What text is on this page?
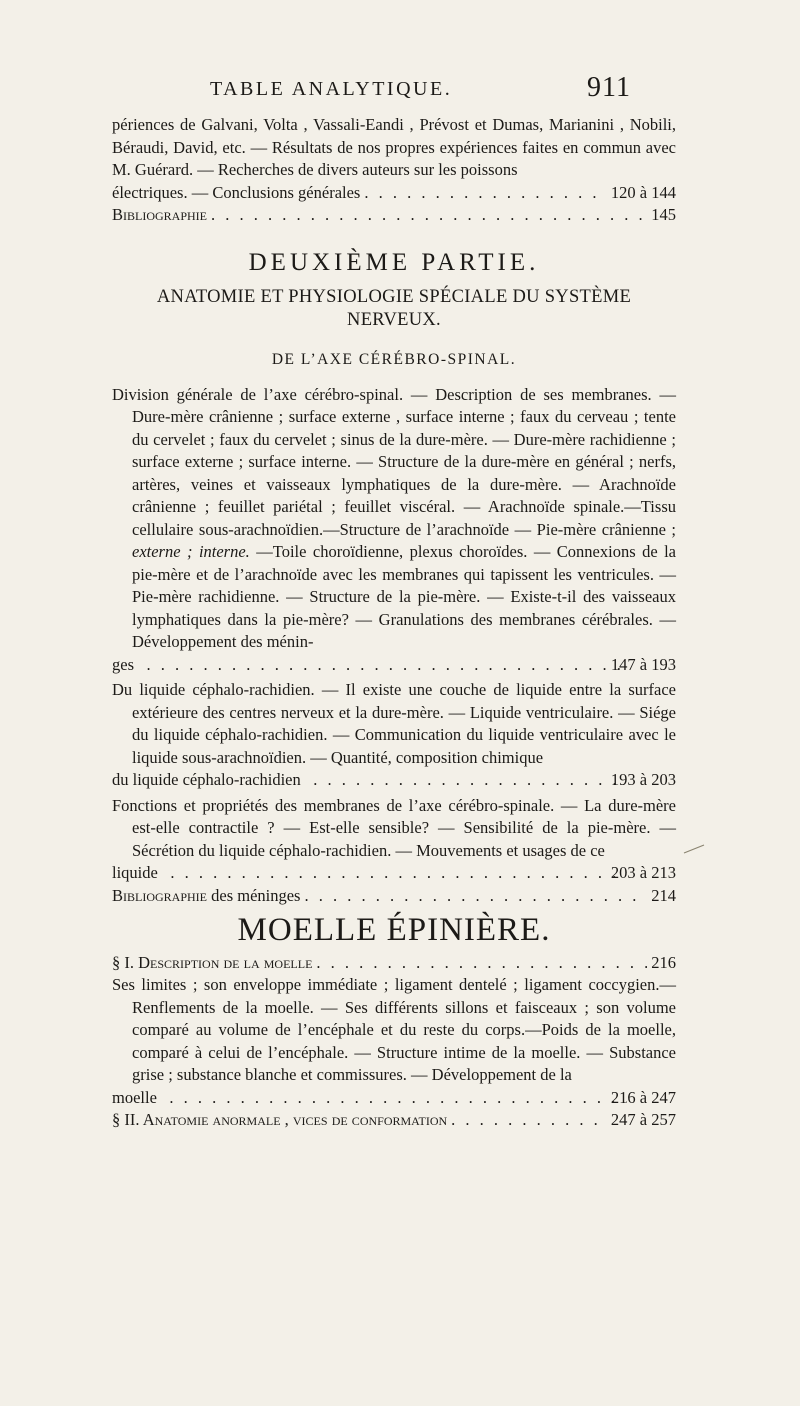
TABLE ANALYTIQUE.	911

périences de Galvani, Volta , Vassali-Eandi , Prévost et Dumas, Marianini , Nobili, Béraudi, David, etc. — Résultats de nos propres expériences faites en commun avec M. Guérard. — Recherches de divers auteurs sur les poissons

électriques. — Conclusions générales . . .	120 à 144
Bibliographie . . .	145
DEUXIÈME PARTIE.
ANATOMIE ET PHYSIOLOGIE SPÉCIALE DU SYSTÈME NERVEUX.
DE L’AXE CÉRÉBRO-SPINAL.
Division générale de l’axe cérébro-spinal. — Description de ses membranes. — Dure-mère crânienne ; surface externe , surface interne ; faux du cerveau ; tente du cervelet ; faux du cervelet ; sinus de la dure-mère. — Dure-mère rachidienne ; surface externe ; surface interne. — Structure de la dure-mère en général ; nerfs, artères, veines et vaisseaux lymphatiques de la dure-mère. — Arachnoïde crânienne ; feuillet pariétal ; feuillet viscéral. — Arachnoïde spinale.—Tissu cellulaire sous-arachnoïdien.—Structure de l’arachnoïde — Pie-mère crânienne ; externe ; interne. —Toile choroïdienne, plexus choroïdes. — Connexions de la pie-mère et de l’arachnoïde avec les membranes qui tapissent les ventricules. — Pie-mère rachidienne. — Structure de la pie-mère. — Existe-t-il des vaisseaux lymphatiques dans la pie-mère? — Granulations des membranes cérébrales. — Développement des ménin-
ges . . .	147 à 193
Du liquide céphalo-rachidien. — Il existe une couche de liquide entre la surface extérieure des centres nerveux et la dure-mère. — Liquide ventriculaire. — Siége du liquide céphalo-rachidien. — Communication du liquide ventriculaire avec le liquide sous-arachnoïdien. — Quantité, composition chimique
du liquide céphalo-rachidien . . .	193 à 203
Fonctions et propriétés des membranes de l’axe cérébro-spinale. — La dure-mère est-elle contractile ? — Est-elle sensible? — Sensibilité de la pie-mère. — Sécrétion du liquide céphalo-rachidien. — Mouvements et usages de ce
liquide . . .	203 à 213
Bibliographie des méninges . . .	214
MOELLE ÉPINIÈRE.
§ I. Description de la moelle . . .	216
Ses limites ; son enveloppe immédiate ; ligament dentelé ; ligament coccygien.— Renflements de la moelle. — Ses différents sillons et faisceaux ; son volume comparé au volume de l’encéphale et du reste du corps.—Poids de la moelle, comparé à celui de l’encéphale. — Structure intime de la moelle. — Substance grise ; substance blanche et commissures. — Développement de la
moelle . . .	216 à 247
§ II. Anatomie anormale , vices de conformation . . .	247 à 257
